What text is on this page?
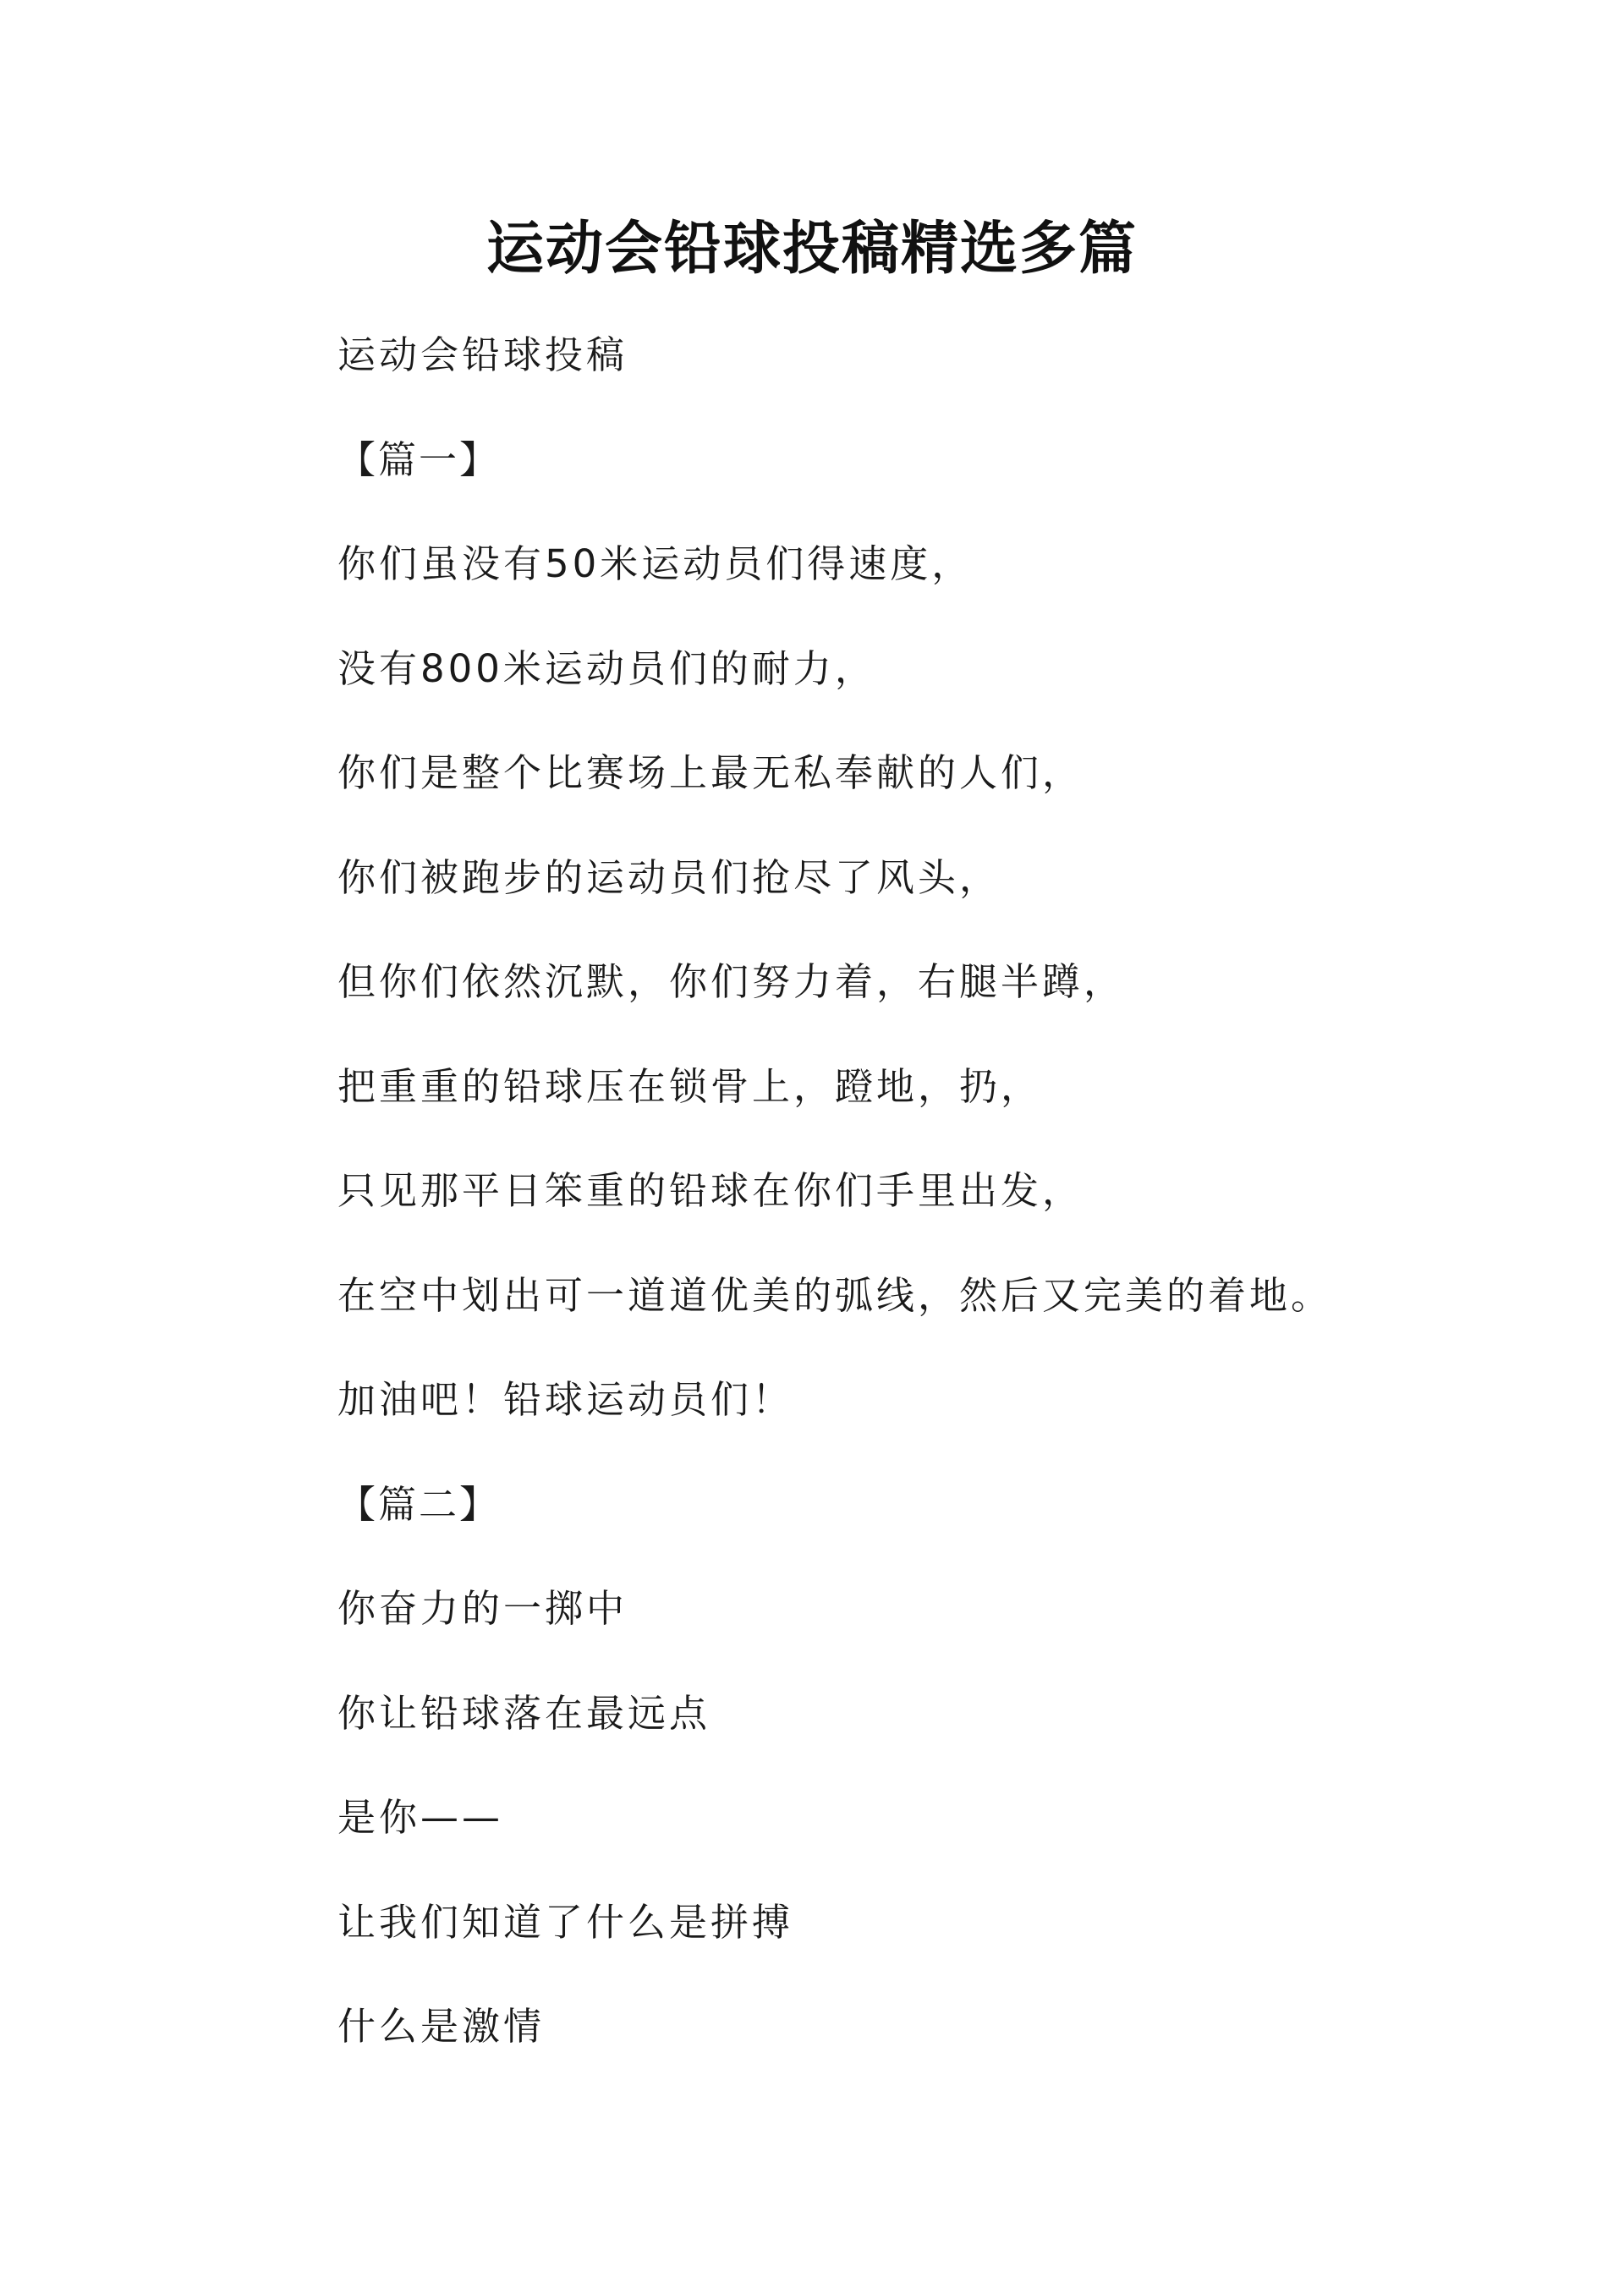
运动会铅球投稿精选多篇
运动会铅球投稿
【篇一】
你们虽没有50米运动员们得速度，
没有800米运动员们的耐力，
你们是整个比赛场上最无私奉献的人们，
你们被跑步的运动员们抢尽了风头，
但你们依然沉默，你们努力着，右腿半蹲，
把重重的铅球压在锁骨上，蹬地，扔，
只见那平日笨重的铅球在你们手里出发，
在空中划出可一道道优美的弧线，然后又完美的着地。
加油吧！铅球运动员们！
【篇二】
你奋力的一掷中
你让铅球落在最远点
是你——
让我们知道了什么是拼搏
什么是激情
